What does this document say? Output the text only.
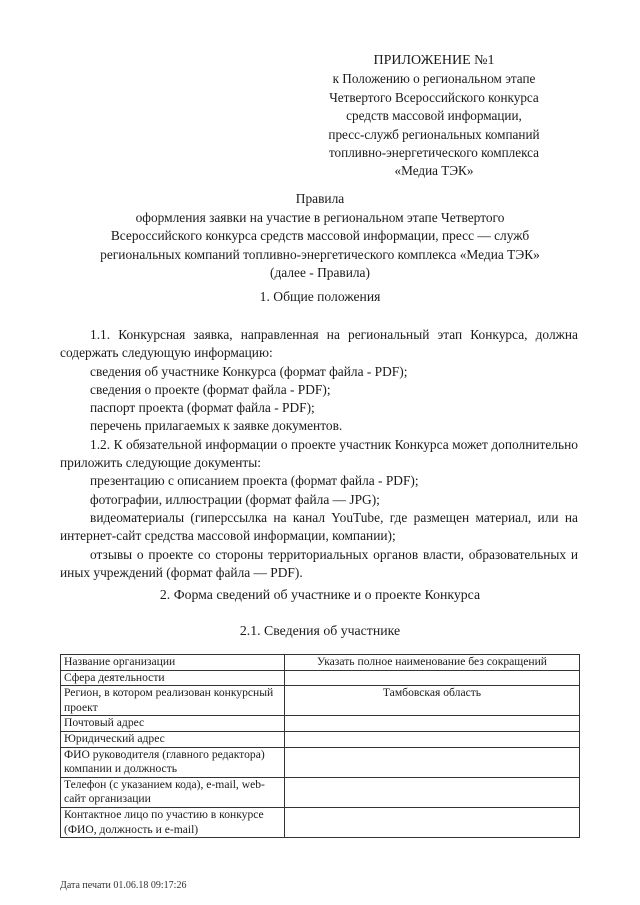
ПРИЛОЖЕНИЕ №1
к Положению о региональном этапе
Четвертого Всероссийского конкурса
средств массовой информации,
пресс-служб региональных компаний
топливно-энергетического комплекса
«Медиа ТЭК»
Правила
оформления заявки на участие в региональном этапе Четвертого
Всероссийского конкурса средств массовой информации, пресс — служб
региональных компаний топливно-энергетического комплекса «Медиа ТЭК»
(далее - Правила)
1. Общие положения
1.1. Конкурсная заявка, направленная на региональный этап Конкурса, должна содержать следующую информацию:
сведения об участнике Конкурса (формат файла - PDF);
сведения о проекте (формат файла - PDF);
паспорт проекта (формат файла - PDF);
перечень прилагаемых к заявке документов.
1.2. К обязательной информации о проекте участник Конкурса может дополнительно приложить следующие документы:
презентацию с описанием проекта (формат файла - PDF);
фотографии, иллюстрации (формат файла — JPG);
видеоматериалы (гиперссылка на канал YouTube, где размещен материал, или на интернет-сайт средства массовой информации, компании);
отзывы о проекте со стороны территориальных органов власти, образовательных и иных учреждений (формат файла — PDF).
2. Форма сведений об участнике и о проекте Конкурса
2.1. Сведения об участнике
Название организации	Указать полное наименование без сокращений
Сфера деятельности	
Регион, в котором реализован конкурсный проект	Тамбовская область
Почтовый адрес	
Юридический адрес	
ФИО руководителя (главного редактора) компании и должность	
Телефон (с указанием кода), e-mail, web-сайт организации	
Контактное лицо по участию в конкурсе (ФИО, должность и e-mail)	
Дата печати 01.06.18 09:17:26
